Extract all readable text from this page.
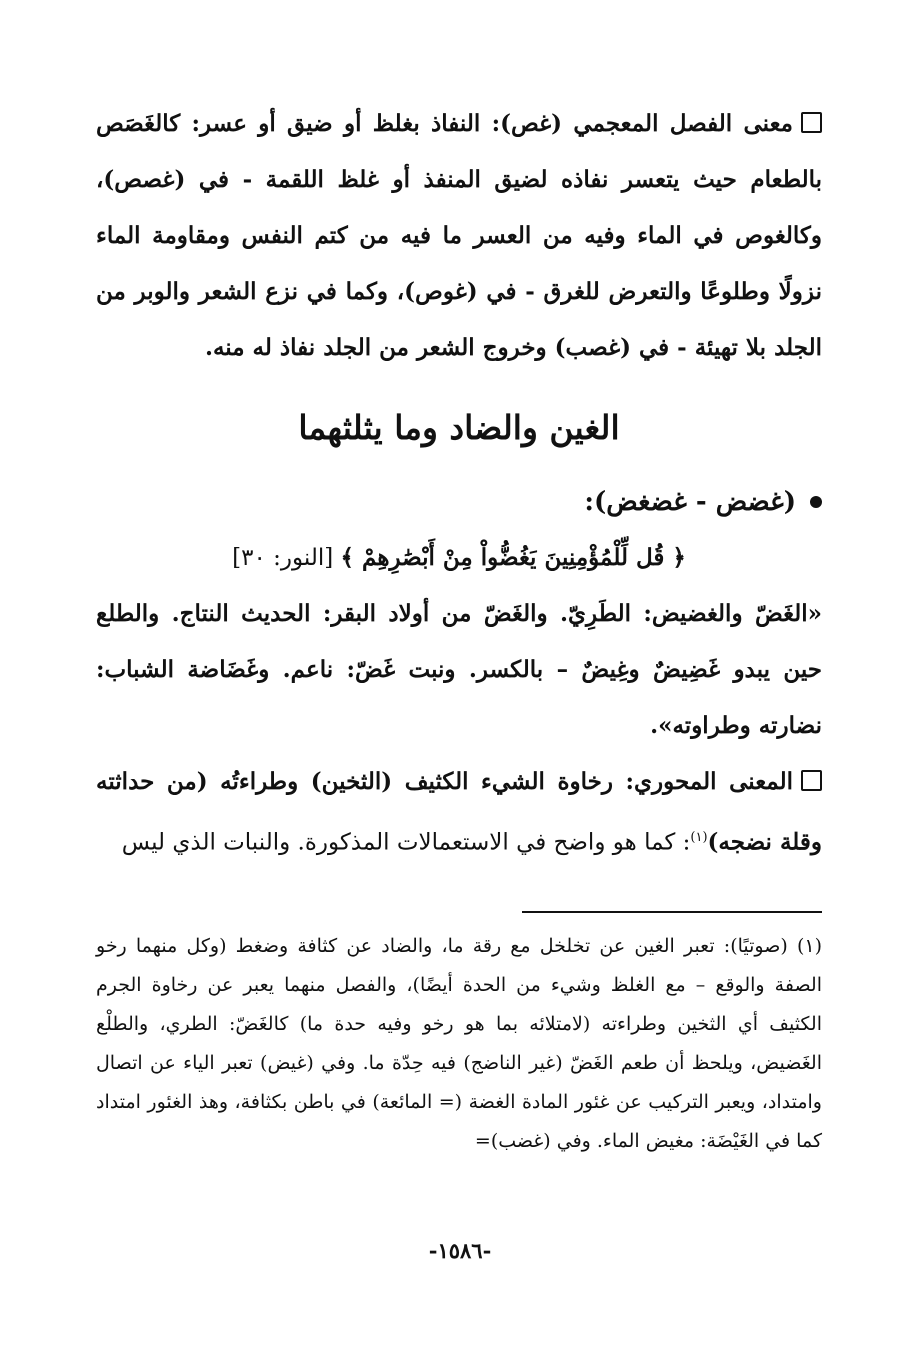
معنى الفصل المعجمي (غص): النفاذ بغلظ أو ضيق أو عسر: كالغَصَص بالطعام حيث يتعسر نفاذه لضيق المنفذ أو غلظ اللقمة - في (غصص)، وكالغوص في الماء وفيه من العسر ما فيه من كتم النفس ومقاومة الماء نزولًا وطلوعًا والتعرض للغرق - في (غوص)، وكما في نزع الشعر والوبر من الجلد بلا تهيئة - في (غصب) وخروج الشعر من الجلد نفاذ له منه.

الغين والضاد وما يثلثهما

(غضض - غضغض):

﴿ قُل لِّلْمُؤْمِنِينَ يَغُضُّواْ مِنْ أَبْصَٰرِهِمْ ﴾ [النور: ٣٠]

«الغَضّ والغضيض: الطَرِيّ. والغَضّ من أولاد البقر: الحديث النتاج. والطلع حين يبدو غَضِيضٌ وغِيضٌ – بالكسر. ونبت غَضّ: ناعم. وغَضَاضة الشباب: نضارته وطراوته».

المعنى المحوري: رخاوة الشيء الكثيف (الثخين) وطراءتُه (من حداثته وقلة نضجه)$^{(١)}$: كما هو واضح في الاستعمالات المذكورة. والنبات الذي ليس

(١) (صوتيًا): تعبر الغين عن تخلخل مع رقة ما، والضاد عن كثافة وضغط (وكل منهما رخو الصفة والوقع – مع الغلظ وشيء من الحدة أيضًا)، والفصل منهما يعبر عن رخاوة الجرم الكثيف أي الثخين وطراءته (لامتلائه بما هو رخو وفيه حدة ما) كالغَضّ: الطري، والطلْع الغَضيض، ويلحظ أن طعم الغَضّ (غير الناضج) فيه حِدّة ما. وفي (غيض) تعبر الياء عن اتصال وامتداد، ويعبر التركيب عن غئور المادة الغضة (= المائعة) في باطن بكثافة، وهذ الغئور امتداد كما في الغَيْضَة: مغيض الماء. وفي (غضب)=

-١٥٨٦-
